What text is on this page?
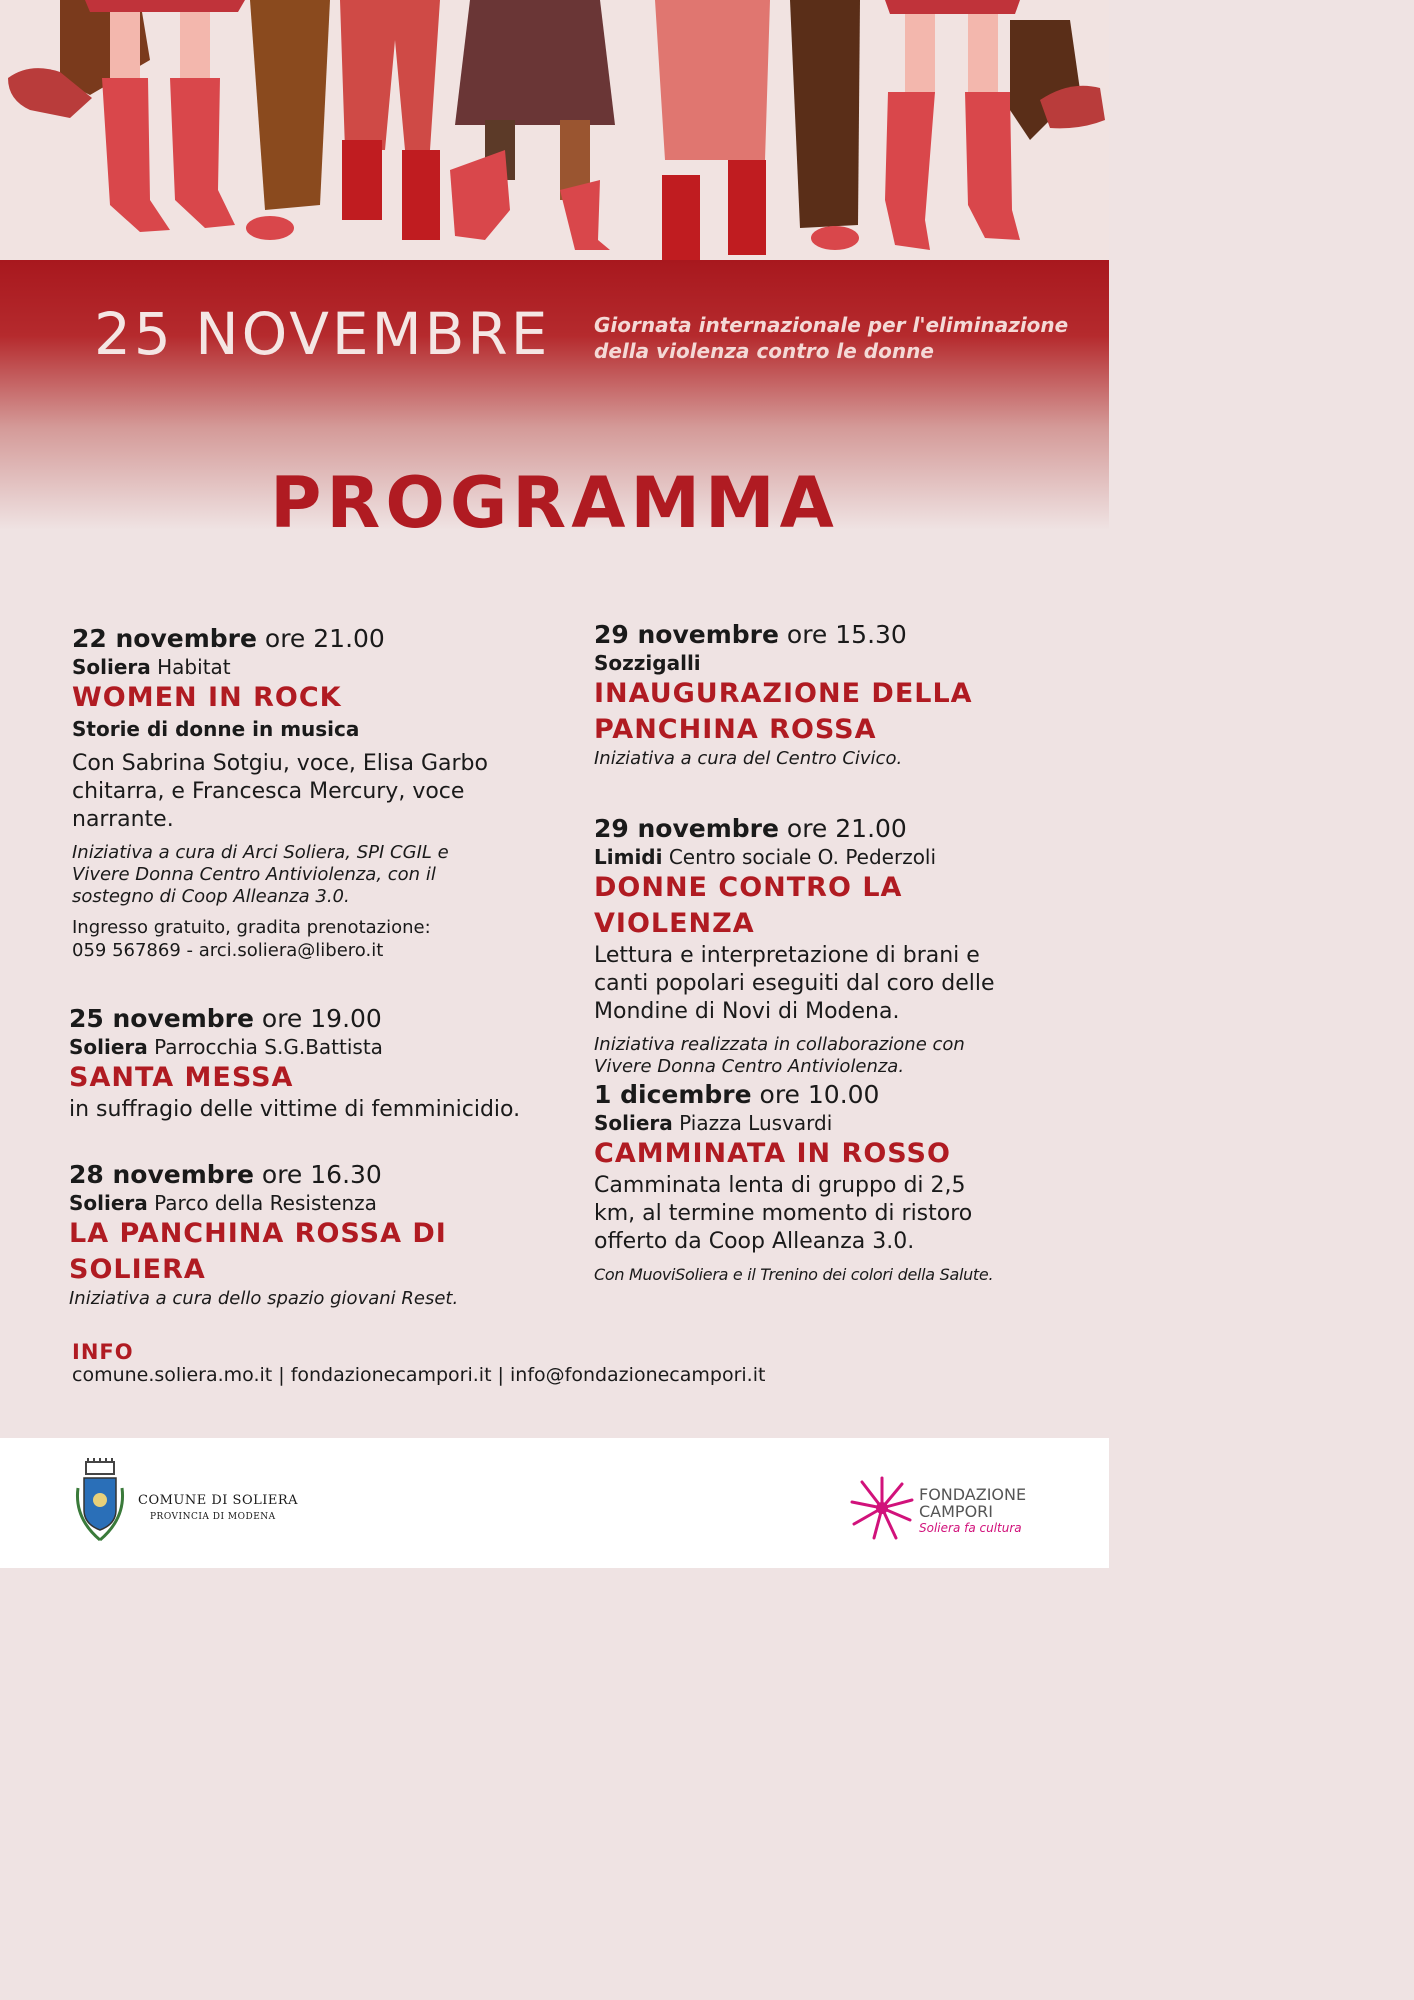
25 NOVEMBRE Giornata internazionale per l'eliminazione
della violenza contro le donne
PROGRAMMA
22 novembre ore 21.00
Soliera Habitat
WOMEN IN ROCK
Storie di donne in musica
Con Sabrina Sotgiu, voce, Elisa Garbo
chitarra, e Francesca Mercury, voce
narrante.
Iniziativa a cura di Arci Soliera, SPI CGIL e
Vivere Donna Centro Antiviolenza, con il
sostegno di Coop Alleanza 3.0.
Ingresso gratuito, gradita prenotazione:
059 567869 - arci.soliera@libero.it
25 novembre ore 19.00
Soliera Parrocchia S.G.Battista
SANTA MESSA
in suffragio delle vittime di femminicidio.
28 novembre ore 16.30
Soliera Parco della Resistenza
LA PANCHINA ROSSA DI SOLIERA
Iniziativa a cura dello spazio giovani Reset.
29 novembre ore 15.30
Sozzigalli
INAUGURAZIONE DELLA
PANCHINA ROSSA
Iniziativa a cura del Centro Civico.
29 novembre ore 21.00
Limidi Centro sociale O. Pederzoli
DONNE CONTRO LA VIOLENZA
Lettura e interpretazione di brani e
canti popolari eseguiti dal coro delle
Mondine di Novi di Modena.
Iniziativa realizzata in collaborazione con
Vivere Donna Centro Antiviolenza.
1 dicembre ore 10.00
Soliera Piazza Lusvardi
CAMMINATA IN ROSSO
Camminata lenta di gruppo di 2,5
km, al termine momento di ristoro
offerto da Coop Alleanza 3.0.
Con MuoviSoliera e il Trenino dei colori della Salute.
INFO
comune.soliera.mo.it | fondazionecampori.it | info@fondazionecampori.it
COMUNE DI SOLIERA
PROVINCIA DI MODENA
FONDAZIONE
CAMPORI
Soliera fa cultura
